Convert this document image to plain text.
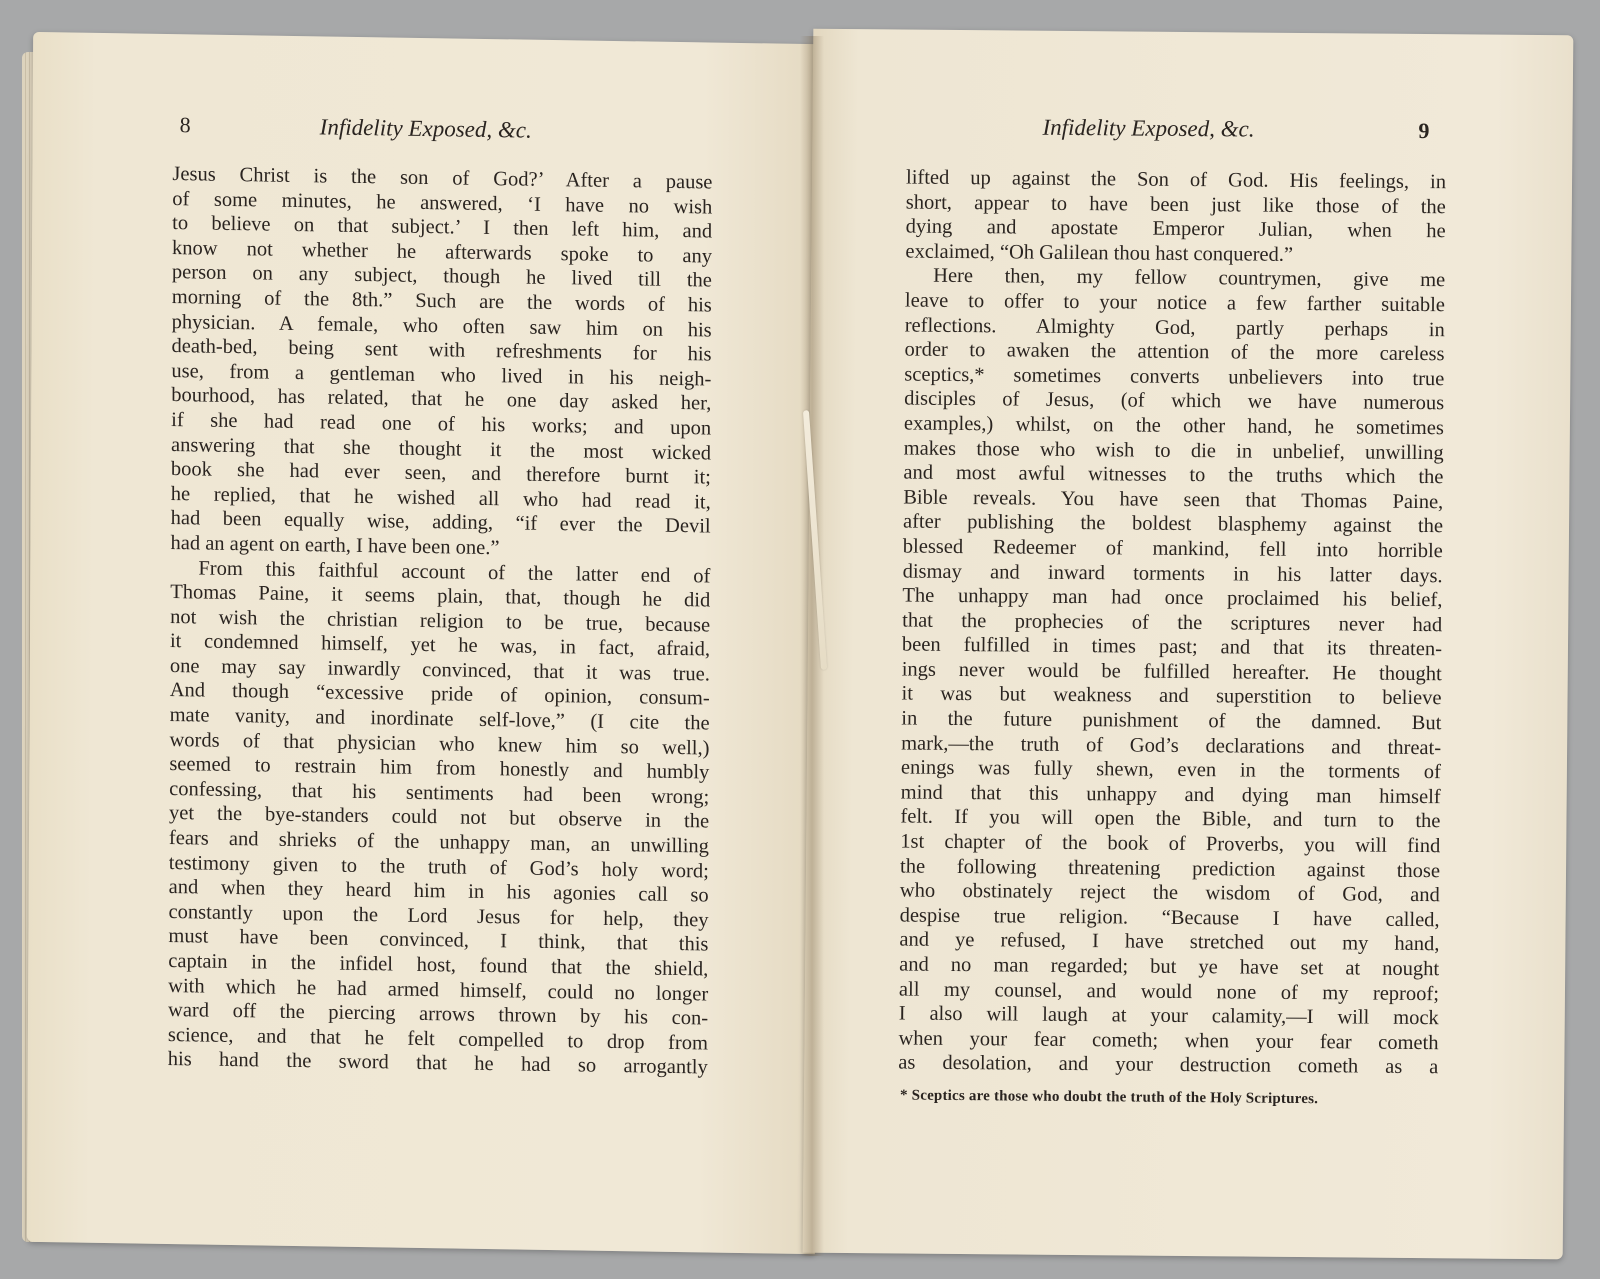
8	Infidelity Exposed, &c.
Jesus Christ is the son of God?’ After a pause
of some minutes, he answered, ‘I have no wish
to believe on that subject.’ I then left him, and
know not whether he afterwards spoke to any
person on any subject, though he lived till the
morning of the 8th.” Such are the words of his
physician. A female, who often saw him on his
death-bed, being sent with refreshments for his
use, from a gentleman who lived in his neigh-
bourhood, has related, that he one day asked her,
if she had read one of his works; and upon
answering that she thought it the most wicked
book she had ever seen, and therefore burnt it;
he replied, that he wished all who had read it,
had been equally wise, adding, “if ever the Devil
had an agent on earth, I have been one.”
From this faithful account of the latter end of
Thomas Paine, it seems plain, that, though he did
not wish the christian religion to be true, because
it condemned himself, yet he was, in fact, afraid,
one may say inwardly convinced, that it was true.
And though “excessive pride of opinion, consum-
mate vanity, and inordinate self-love,” (I cite the
words of that physician who knew him so well,)
seemed to restrain him from honestly and humbly
confessing, that his sentiments had been wrong;
yet the bye-standers could not but observe in the
fears and shrieks of the unhappy man, an unwilling
testimony given to the truth of God’s holy word;
and when they heard him in his agonies call so
constantly upon the Lord Jesus for help, they
must have been convinced, I think, that this
captain in the infidel host, found that the shield,
with which he had armed himself, could no longer
ward off the piercing arrows thrown by his con-
science, and that he felt compelled to drop from
his hand the sword that he had so arrogantly
Infidelity Exposed, &c.	9
lifted up against the Son of God. His feelings, in
short, appear to have been just like those of the
dying and apostate Emperor Julian, when he
exclaimed, “Oh Galilean thou hast conquered.”
Here then, my fellow countrymen, give me
leave to offer to your notice a few farther suitable
reflections. Almighty God, partly perhaps in
order to awaken the attention of the more careless
sceptics,* sometimes converts unbelievers into true
disciples of Jesus, (of which we have numerous
examples,) whilst, on the other hand, he sometimes
makes those who wish to die in unbelief, unwilling
and most awful witnesses to the truths which the
Bible reveals. You have seen that Thomas Paine,
after publishing the boldest blasphemy against the
blessed Redeemer of mankind, fell into horrible
dismay and inward torments in his latter days.
The unhappy man had once proclaimed his belief,
that the prophecies of the scriptures never had
been fulfilled in times past; and that its threaten-
ings never would be fulfilled hereafter. He thought
it was but weakness and superstition to believe
in the future punishment of the damned. But
mark,—the truth of God’s declarations and threat-
enings was fully shewn, even in the torments of
mind that this unhappy and dying man himself
felt. If you will open the Bible, and turn to the
1st chapter of the book of Proverbs, you will find
the following threatening prediction against those
who obstinately reject the wisdom of God, and
despise true religion. “Because I have called,
and ye refused, I have stretched out my hand,
and no man regarded; but ye have set at nought
all my counsel, and would none of my reproof;
I also will laugh at your calamity,—I will mock
when your fear cometh; when your fear cometh
as desolation, and your destruction cometh as a
* Sceptics are those who doubt the truth of the Holy Scriptures.
